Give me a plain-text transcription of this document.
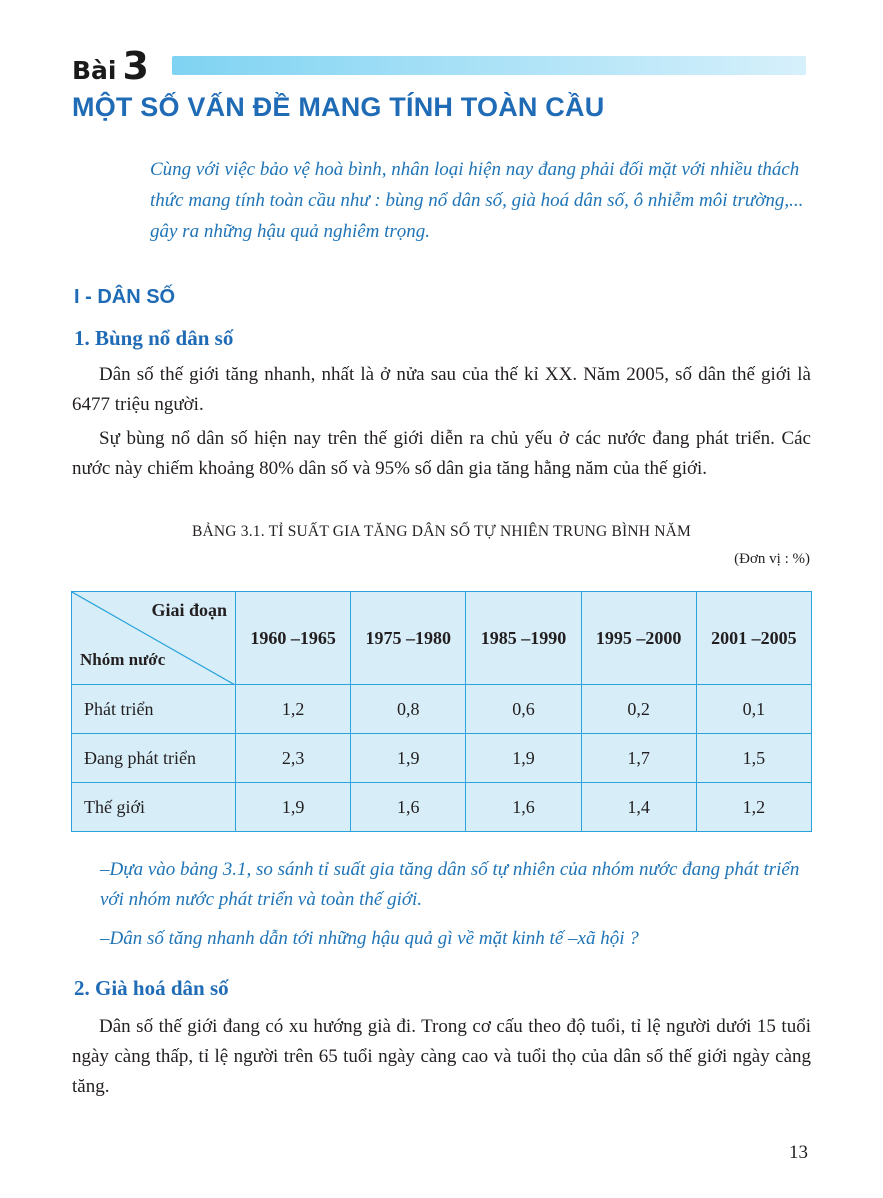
Bài 3
MỘT SỐ VẤN ĐỀ MANG TÍNH TOÀN CẦU

Cùng với việc bảo vệ hoà bình, nhân loại hiện nay đang phải đối mặt với nhiều thách thức mang tính toàn cầu như : bùng nổ dân số, già hoá dân số, ô nhiễm môi trường,... gây ra những hậu quả nghiêm trọng.

I - DÂN SỐ
1. Bùng nổ dân số

Dân số thế giới tăng nhanh, nhất là ở nửa sau của thế kỉ XX. Năm 2005, số dân thế giới là 6477 triệu người.

Sự bùng nổ dân số hiện nay trên thế giới diễn ra chủ yếu ở các nước đang phát triển. Các nước này chiếm khoảng 80% dân số và 95% số dân gia tăng hằng năm của thế giới.

BẢNG 3.1. TỈ SUẤT GIA TĂNG DÂN SỐ TỰ NHIÊN TRUNG BÌNH NĂM
(Đơn vị : %)
Giai đoạn
Nhóm nước	1960 –1965	1975 –1980	1985 –1990	1995 –2000	2001 –2005
Phát triển	1,2	0,8	0,6	0,2	0,1
Đang phát triển	2,3	1,9	1,9	1,7	1,5
Thế giới	1,9	1,6	1,6	1,4	1,2

–Dựa vào bảng 3.1, so sánh tỉ suất gia tăng dân số tự nhiên của nhóm nước đang phát triển với nhóm nước phát triển và toàn thế giới.

–Dân số tăng nhanh dẫn tới những hậu quả gì về mặt kinh tế –xã hội ?

2. Già hoá dân số

Dân số thế giới đang có xu hướng già đi. Trong cơ cấu theo độ tuổi, tỉ lệ người dưới 15 tuổi ngày càng thấp, tỉ lệ người trên 65 tuổi ngày càng cao và tuổi thọ của dân số thế giới ngày càng tăng.

13
